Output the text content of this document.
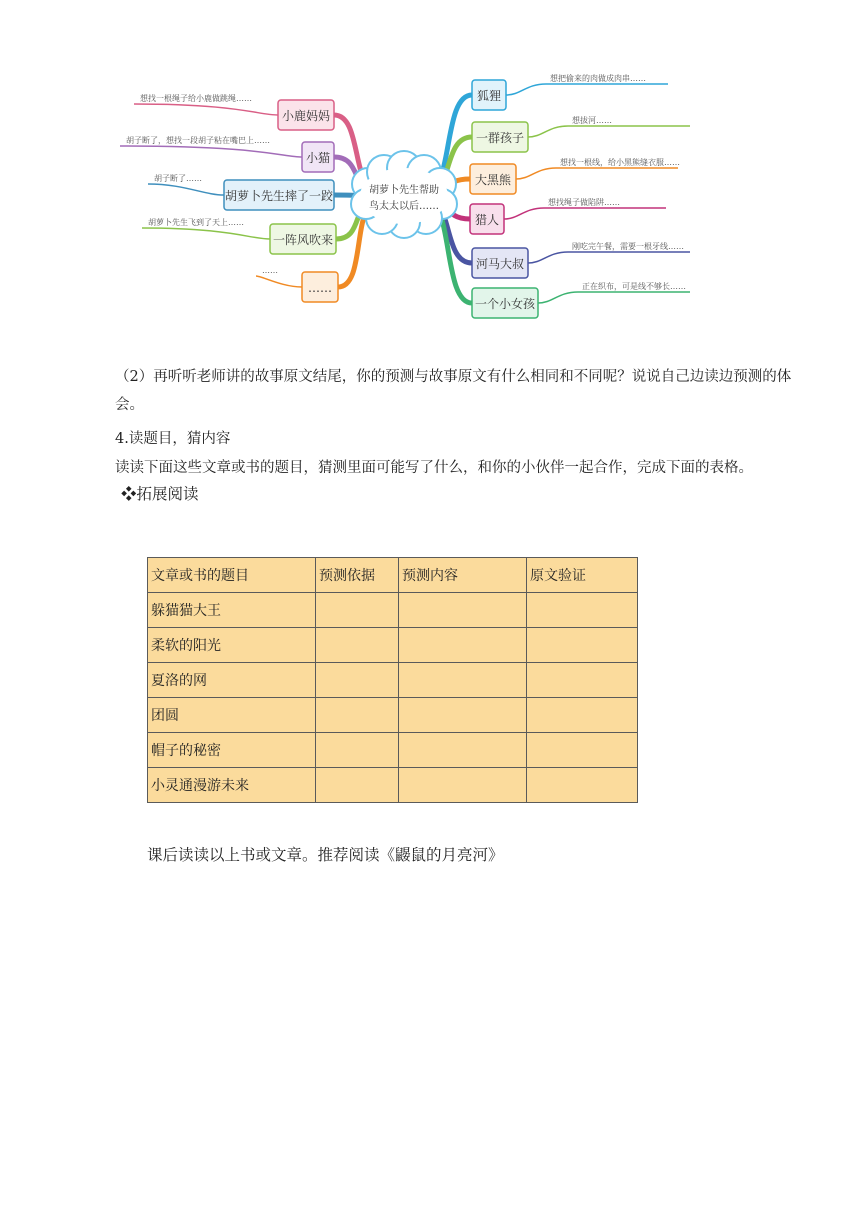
胡萝卜先生帮助
鸟太太以后……
小鹿妈妈
想找一根绳子给小鹿做跳绳……
小猫
胡子断了，想找一段胡子粘在嘴巴上……
胡萝卜先生摔了一跤
胡子断了……
一阵风吹来
胡萝卜先生飞到了天上……
……
……
狐狸
想把偷来的肉做成肉串……
一群孩子
想拔河……
大黑熊
想找一根线，给小黑熊缝衣服……
猎人
想找绳子做陷阱……
河马大叔
刚吃完午餐，需要一根牙线……
一个小女孩
正在织布，可是线不够长……

（2）再听听老师讲的故事原文结尾，你的预测与故事原文有什么相同和不同呢？说说自己边读边预测的体会。

4.读题目，猜内容

读读下面这些文章或书的题目，猜测里面可能写了什么，和你的小伙伴一起合作，完成下面的表格。

❖拓展阅读

文章或书的题目	预测依据	预测内容	原文验证
躲猫猫大王			
柔软的阳光			
夏洛的网			
团圆			
帽子的秘密			
小灵通漫游未来			

课后读读以上书或文章。推荐阅读《鼹鼠的月亮河》
